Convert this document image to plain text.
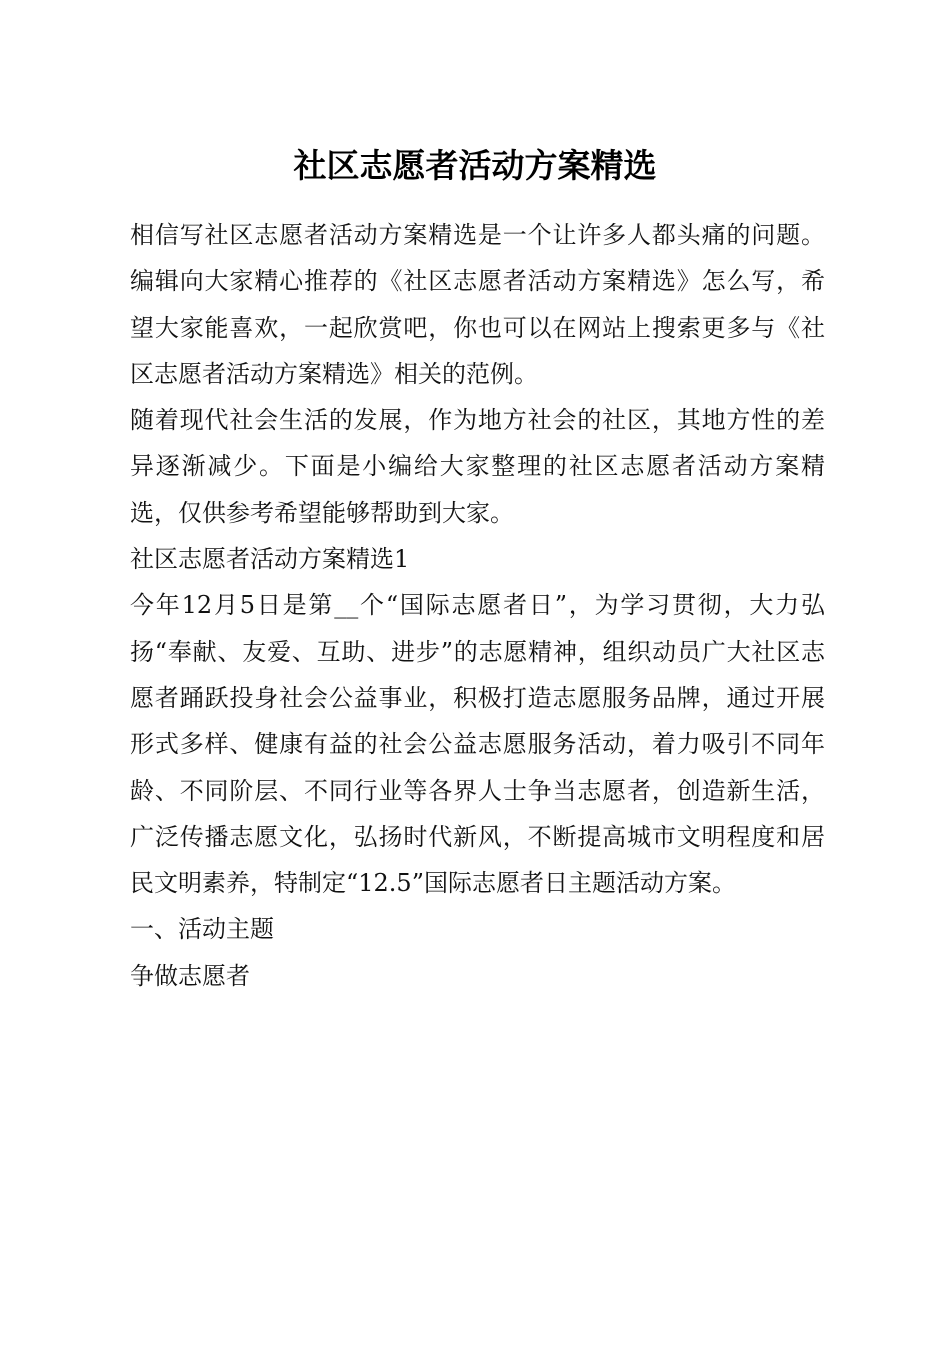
社区志愿者活动方案精选

相信写社区志愿者活动方案精选是一个让许多人都头痛的问题。编辑向大家精心推荐的《社区志愿者活动方案精选》怎么写，希望大家能喜欢，一起欣赏吧，你也可以在网站上搜索更多与《社区志愿者活动方案精选》相关的范例。

随着现代社会生活的发展，作为地方社会的社区，其地方性的差异逐渐减少。下面是小编给大家整理的社区志愿者活动方案精选，仅供参考希望能够帮助到大家。

社区志愿者活动方案精选1

今年12月5日是第__个“国际志愿者日”，为学习贯彻，大力弘扬“奉献、友爱、互助、进步”的志愿精神，组织动员广大社区志愿者踊跃投身社会公益事业，积极打造志愿服务品牌，通过开展形式多样、健康有益的社会公益志愿服务活动，着力吸引不同年龄、不同阶层、不同行业等各界人士争当志愿者，创造新生活，广泛传播志愿文化，弘扬时代新风，不断提高城市文明程度和居民文明素养，特制定“12.5”国际志愿者日主题活动方案。

一、活动主题

争做志愿者
